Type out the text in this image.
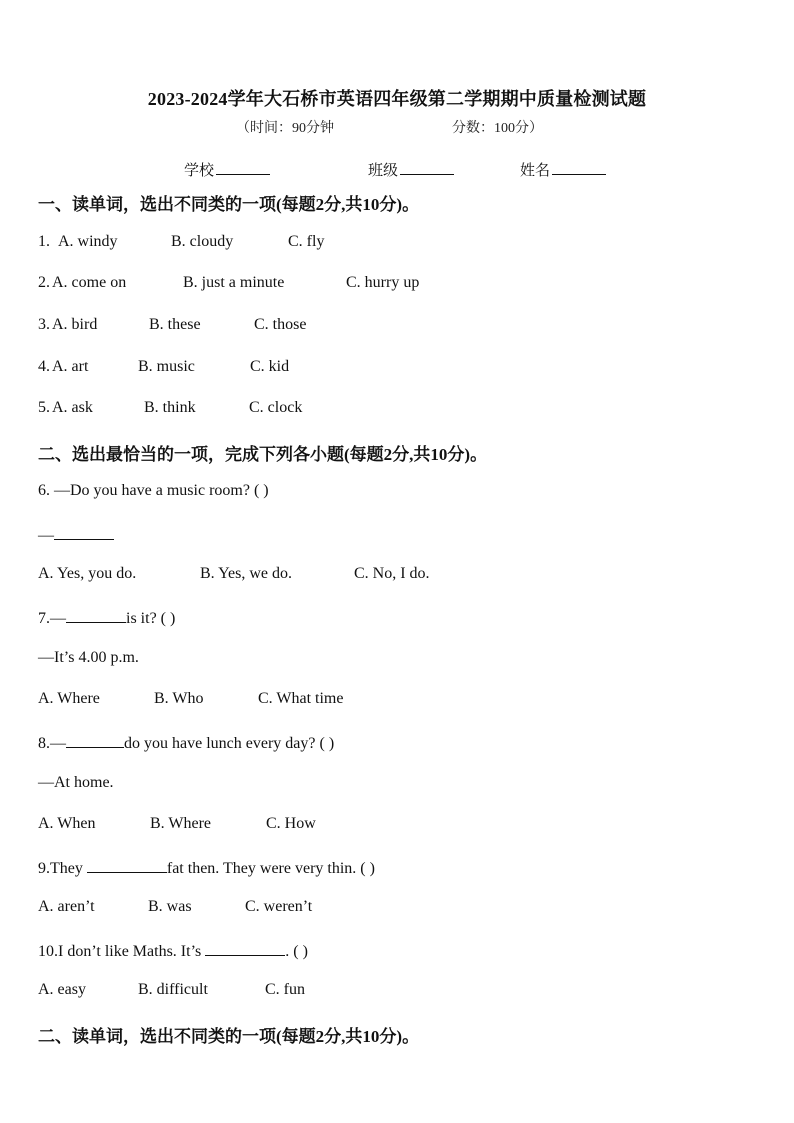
2023-2024学年大石桥市英语四年级第二学期期中质量检测试题
（时间：90分钟	分数：100分）
学校	班级	姓名
一、读单词，选出不同类的一项(每题2分,共10分)。
1. A. windy	B. cloudy	C. fly
2. A. come on	B. just a minute	C. hurry up
3. A. bird	B. these	C. those
4. A. art	B. music	C. kid
5. A. ask	B. think	C. clock
二、选出最恰当的一项，完成下列各小题(每题2分,共10分)。
6. —Do you have a music room? ( )
—
A. Yes, you do.	B. Yes, we do.	C. No, I do.
7.—	is it? ( )
—It’s 4.00 p.m.
A. Where	B. Who	C. What time
8.—	do you have lunch every day? ( )
—At home.
A. When	B. Where	C. How
9.They	fat then. They were very thin. ( )
A. aren’t	B. was	C. weren’t
10.I don’t like Maths. It’s	. ( )
A. easy	B. difficult	C. fun
二、读单词，选出不同类的一项(每题2分,共10分)。
